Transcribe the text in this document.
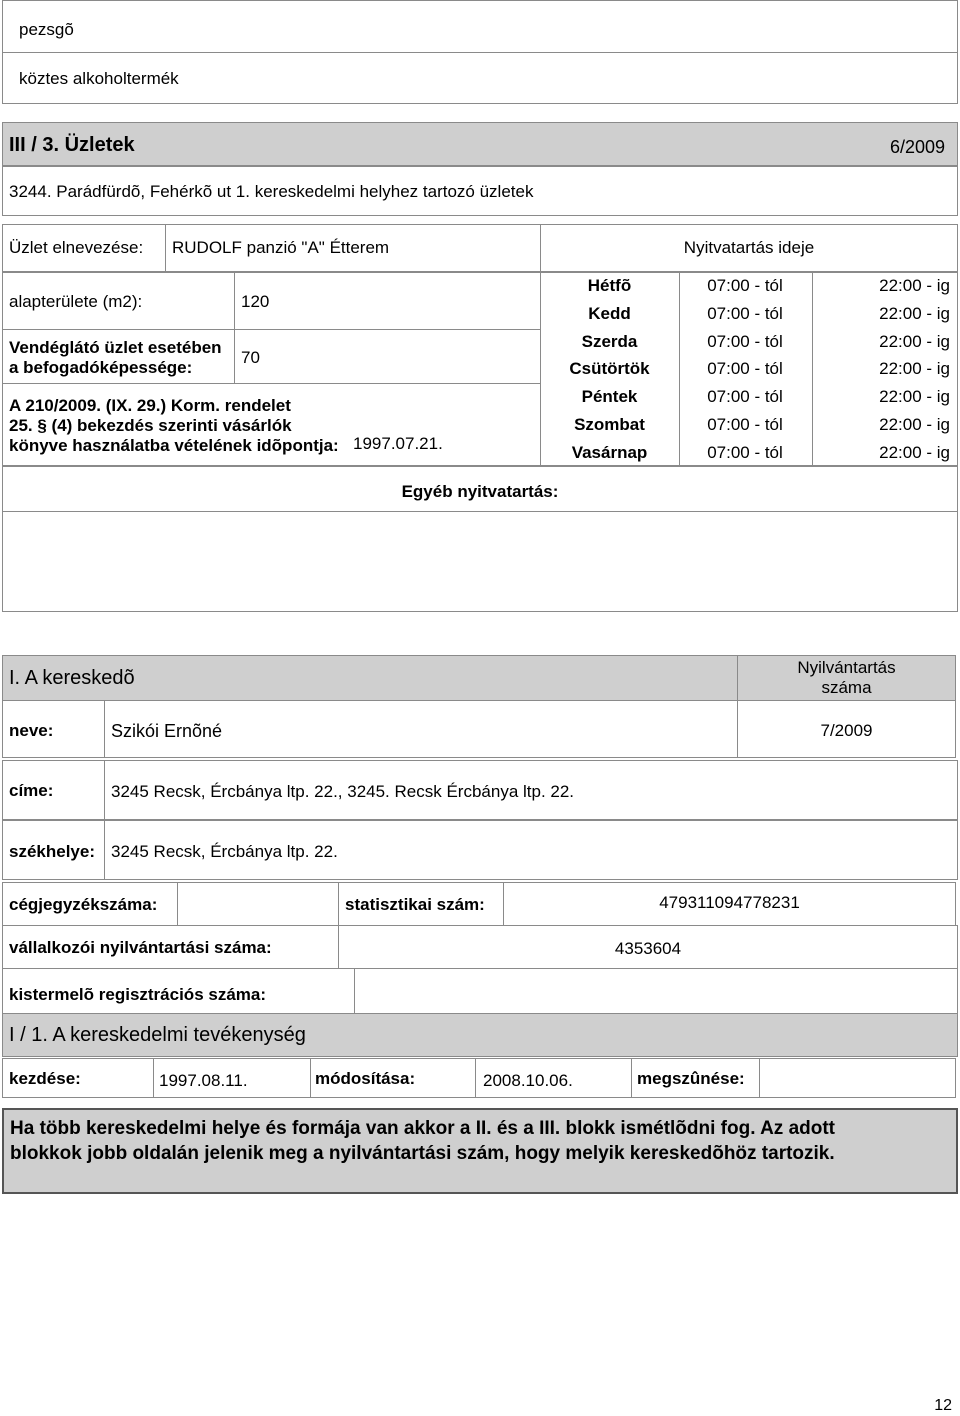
pezsgõ
köztes alkoholtermék
III / 3. Üzletek	6/2009
3244. Parádfürdõ, Fehérkõ ut 1. kereskedelmi helyhez tartozó üzletek
Üzlet elnevezése: RUDOLF panzió "A" Étterem	Nyitvatartás ideje
alapterülete (m2):	120
Vendéglátó üzlet esetében
a befogadóképessége:
70
A 210/2009. (IX. 29.) Korm. rendelet
25. § (4) bekezdés szerinti vásárlók
könyve használatba vételének idõpontja: 1997.07.21.
Hétfõ	07:00 - tól	22:00 - ig
Kedd	07:00 - tól	22:00 - ig
Szerda	07:00 - tól	22:00 - ig
Csütörtök	07:00 - tól	22:00 - ig
Péntek	07:00 - tól	22:00 - ig
Szombat	07:00 - tól	22:00 - ig
Vasárnap	07:00 - tól	22:00 - ig
Egyéb nyitvatartás:
I. A kereskedõ	Nyilvántartás
száma
neve:	Szikói Ernõné	7/2009
címe:	3245 Recsk, Ércbánya ltp. 22., 3245. Recsk Ércbánya ltp. 22.
székhelye: 3245 Recsk, Ércbánya ltp. 22.
cégjegyzékszáma:	statisztikai szám:	479311094778231
vállalkozói nyilvántartási száma:	4353604
kistermelõ regisztrációs száma:
I / 1. A kereskedelmi tevékenység
kezdése:	1997.08.11.	módosítása:	2008.10.06.	megszûnése:
Ha több kereskedelmi helye és formája van akkor a II. és a III. blokk ismétlõdni fog. Az adott blokkok jobb oldalán jelenik meg a nyilvántartási szám, hogy melyik kereskedõhöz tartozik.
12
